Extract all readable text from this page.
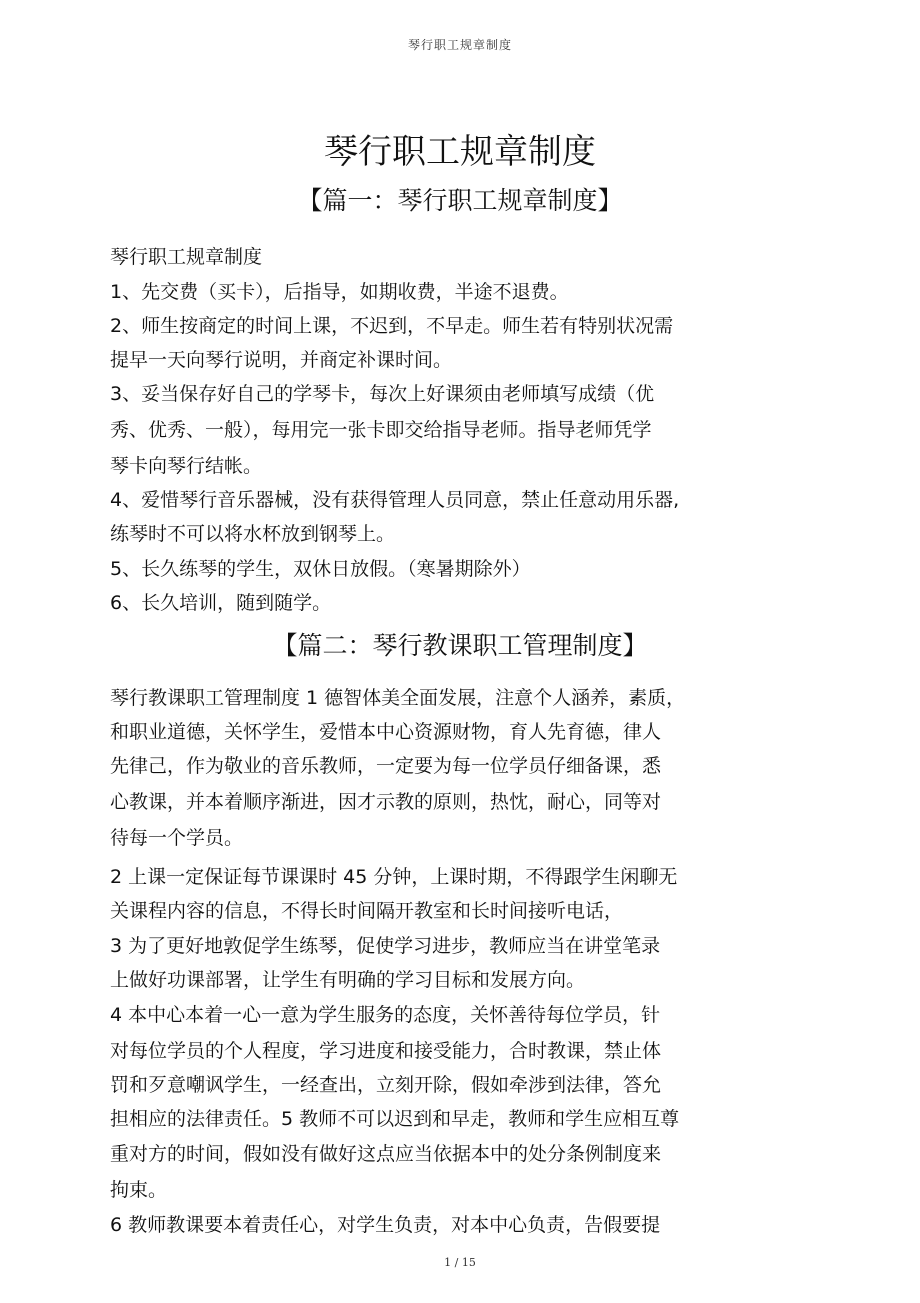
琴行职工规章制度
琴行职工规章制度
【篇一：琴行职工规章制度】
琴行职工规章制度
1、先交费（买卡），后指导，如期收费，半途不退费。
2、师生按商定的时间上课，不迟到，不早走。师生若有特别状况需
提早一天向琴行说明，并商定补课时间。
3、妥当保存好自己的学琴卡，每次上好课须由老师填写成绩（优
秀、优秀、一般），每用完一张卡即交给指导老师。指导老师凭学
琴卡向琴行结帐。
4、爱惜琴行音乐器械，没有获得管理人员同意，禁止任意动用乐器,
练琴时不可以将水杯放到钢琴上。
5、长久练琴的学生，双休日放假。（寒暑期除外）
6、长久培训，随到随学。
【篇二：琴行教课职工管理制度】
琴行教课职工管理制度 1 德智体美全面发展，注意个人涵养，素质，
和职业道德，关怀学生，爱惜本中心资源财物，育人先育德，律人
先律己，作为敬业的音乐教师，一定要为每一位学员仔细备课，悉
心教课，并本着顺序渐进，因才示教的原则，热忱，耐心，同等对
待每一个学员。
2 上课一定保证每节课课时 45 分钟，上课时期，不得跟学生闲聊无
关课程内容的信息，不得长时间隔开教室和长时间接听电话，
3 为了更好地敦促学生练琴，促使学习进步，教师应当在讲堂笔录
上做好功课部署，让学生有明确的学习目标和发展方向。
4 本中心本着一心一意为学生服务的态度，关怀善待每位学员，针
对每位学员的个人程度，学习进度和接受能力，合时教课，禁止体
罚和歹意嘲讽学生，一经查出，立刻开除，假如牵涉到法律，答允
担相应的法律责任。5 教师不可以迟到和早走，教师和学生应相互尊
重对方的时间，假如没有做好这点应当依据本中的处分条例制度来
拘束。
6 教师教课要本着责任心，对学生负责，对本中心负责，告假要提
1 / 15
